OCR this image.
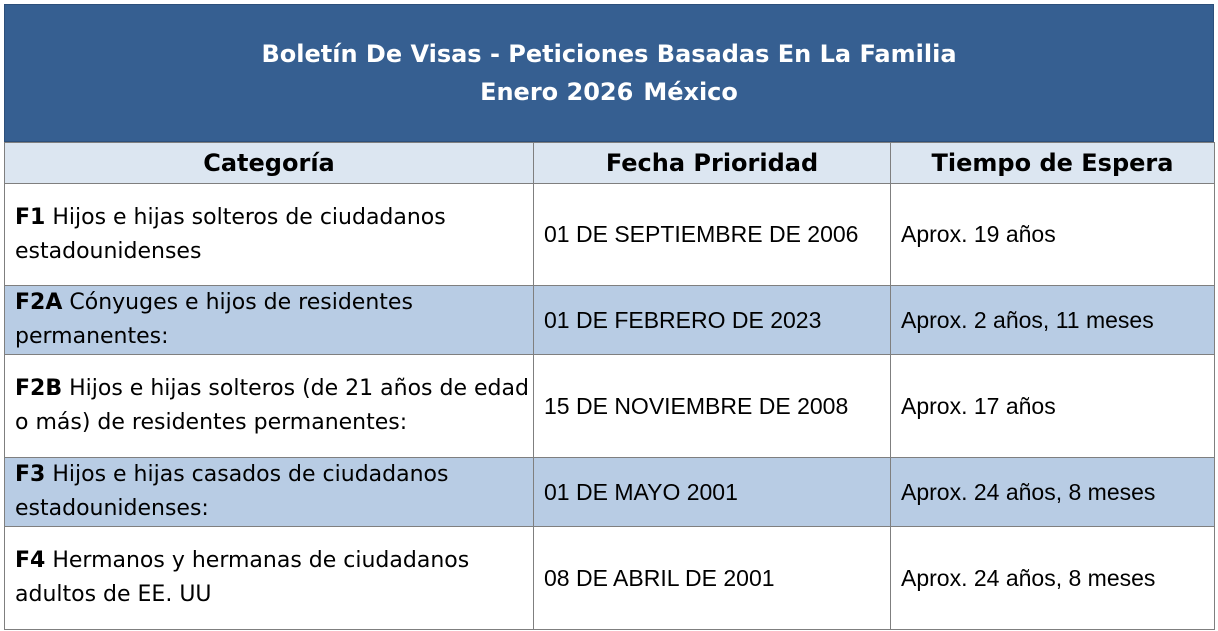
Boletín De Visas - Peticiones Basadas En La Familia
Enero 2026 México
Categoría	Fecha Prioridad	Tiempo de Espera
F1 Hijos e hijas solteros de ciudadanos estadounidenses	01 DE SEPTIEMBRE DE 2006	Aprox. 19 años
F2A Cónyuges e hijos de residentes permanentes:	01 DE FEBRERO DE 2023	Aprox. 2 años, 11 meses
F2B Hijos e hijas solteros (de 21 años de edad o más) de residentes permanentes:	15 DE NOVIEMBRE DE 2008	Aprox. 17 años
F3 Hijos e hijas casados de ciudadanos estadounidenses:	01 DE MAYO 2001	Aprox. 24 años, 8 meses
F4 Hermanos y hermanas de ciudadanos adultos de EE. UU	08 DE ABRIL DE 2001	Aprox. 24 años, 8 meses
